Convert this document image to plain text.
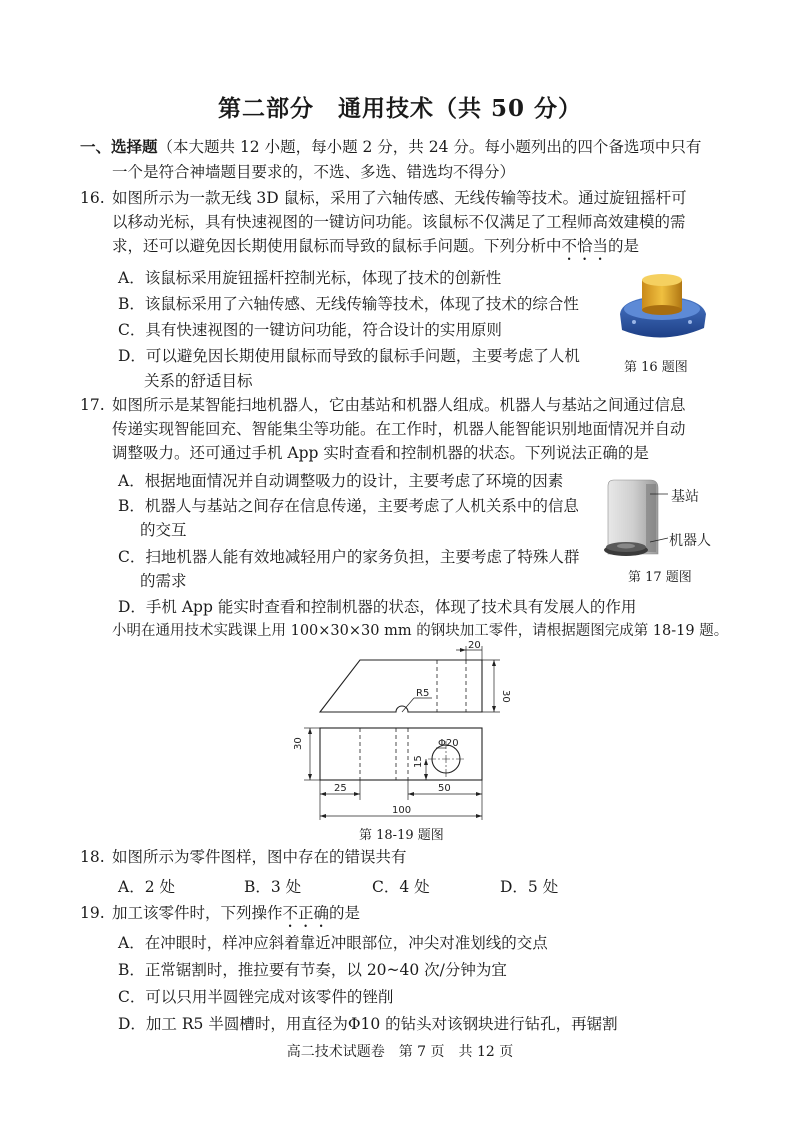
第二部分　通用技术（共 50 分）
一、选择题（本大题共 12 小题，每小题 2 分，共 24 分。每小题列出的四个备选项中只有
一个是符合神墙题目要求的，不选、多选、错选均不得分）
16. 如图所示为一款无线 3D 鼠标，采用了六轴传感、无线传输等技术。通过旋钮摇杆可
以移动光标，具有快速视图的一键访问功能。该鼠标不仅满足了工程师高效建模的需
求，还可以避免因长期使用鼠标而导致的鼠标手问题。下列分析中不恰当的是
A．该鼠标采用旋钮摇杆控制光标，体现了技术的创新性
B．该鼠标采用了六轴传感、无线传输等技术，体现了技术的综合性
C．具有快速视图的一键访问功能，符合设计的实用原则
D．可以避免因长期使用鼠标而导致的鼠标手问题，主要考虑了人机
关系的舒适目标
第 16 题图
17. 如图所示是某智能扫地机器人，它由基站和机器人组成。机器人与基站之间通过信息
传递实现智能回充、智能集尘等功能。在工作时，机器人能智能识别地面情况并自动
调整吸力。还可通过手机 App 实时查看和控制机器的状态。下列说法正确的是
A．根据地面情况并自动调整吸力的设计，主要考虑了环境的因素
B．机器人与基站之间存在信息传递，主要考虑了人机关系中的信息
的交互
C．扫地机器人能有效地减轻用户的家务负担，主要考虑了特殊人群
的需求
D．手机 App 能实时查看和控制机器的状态，体现了技术具有发展人的作用
基站
机器人
第 17 题图
小明在通用技术实践课上用 100×30×30 mm 的钢块加工零件，请根据题图完成第 18-19 题。
20
30
R5
30	Φ20
15
25	50
100
第 18-19 题图
18. 如图所示为零件图样，图中存在的错误共有
A．2 处	B．3 处	C．4 处	D．5 处
19. 加工该零件时，下列操作不正确的是
A．在冲眼时，样冲应斜着靠近冲眼部位，冲尖对准划线的交点
B．正常锯割时，推拉要有节奏，以 20~40 次/分钟为宜
C．可以只用半圆锉完成对该零件的锉削
D．加工 R5 半圆槽时，用直径为Φ10 的钻头对该钢块进行钻孔，再锯割
高二技术试题卷　第 7 页　共 12 页
